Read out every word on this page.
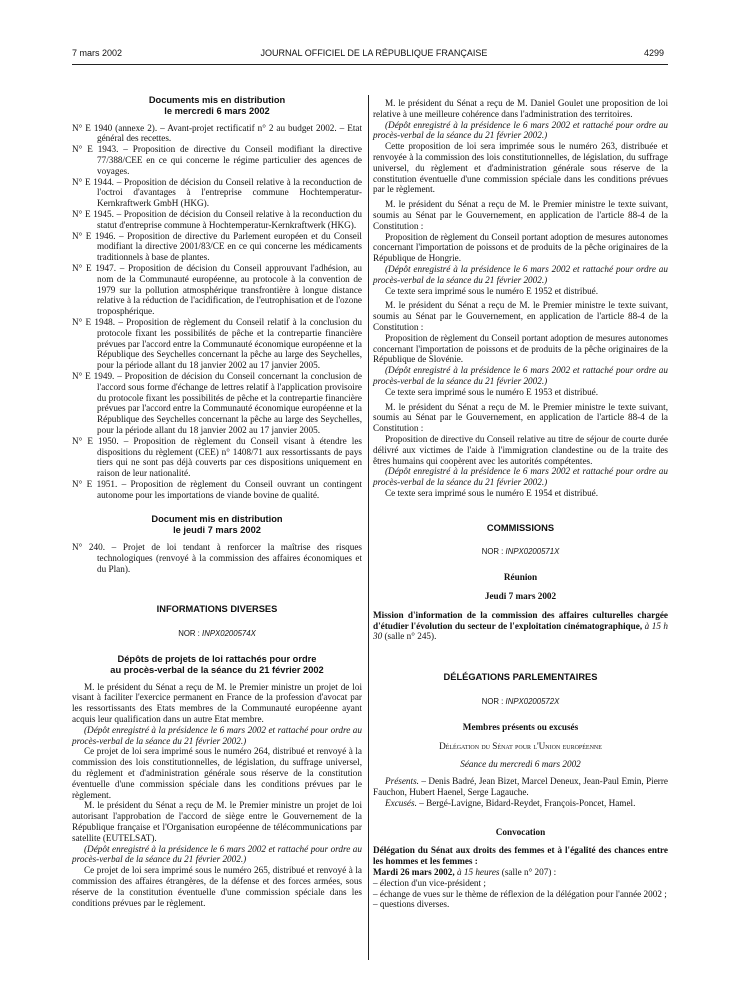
7 mars 2002	JOURNAL OFFICIEL DE LA RÉPUBLIQUE FRANÇAISE	4299
Documents mis en distribution
le mercredi 6 mars 2002

N° E 1940 (annexe 2). – Avant-projet rectificatif n° 2 au budget 2002. – Etat général des recettes.

N° E 1943. – Proposition de directive du Conseil modifiant la directive 77/388/CEE en ce qui concerne le régime particulier des agences de voyages.

N° E 1944. – Proposition de décision du Conseil relative à la reconduction de l'octroi d'avantages à l'entreprise commune Hochtemperatur-Kernkraftwerk GmbH (HKG).

N° E 1945. – Proposition de décision du Conseil relative à la reconduction du statut d'entreprise commune à Hochtemperatur-Kernkraftwerk (HKG).

N° E 1946. – Proposition de directive du Parlement européen et du Conseil modifiant la directive 2001/83/CE en ce qui concerne les médicaments traditionnels à base de plantes.

N° E 1947. – Proposition de décision du Conseil approuvant l'adhésion, au nom de la Communauté européenne, au protocole à la convention de 1979 sur la pollution atmosphérique transfrontière à longue distance relative à la réduction de l'acidification, de l'eutrophisation et de l'ozone troposphérique.

N° E 1948. – Proposition de règlement du Conseil relatif à la conclusion du protocole fixant les possibilités de pêche et la contrepartie financière prévues par l'accord entre la Communauté économique européenne et la République des Seychelles concernant la pêche au large des Seychelles, pour la période allant du 18 janvier 2002 au 17 janvier 2005.

N° E 1949. – Proposition de décision du Conseil concernant la conclusion de l'accord sous forme d'échange de lettres relatif à l'application provisoire du protocole fixant les possibilités de pêche et la contrepartie financière prévues par l'accord entre la Communauté économique européenne et la République des Seychelles concernant la pêche au large des Seychelles, pour la période allant du 18 janvier 2002 au 17 janvier 2005.

N° E 1950. – Proposition de règlement du Conseil visant à étendre les dispositions du règlement (CEE) n° 1408/71 aux ressortissants de pays tiers qui ne sont pas déjà couverts par ces dispositions uniquement en raison de leur nationalité.

N° E 1951. – Proposition de règlement du Conseil ouvrant un contingent autonome pour les importations de viande bovine de qualité.

Document mis en distribution
le jeudi 7 mars 2002

N° 240. – Projet de loi tendant à renforcer la maîtrise des risques technologiques (renvoyé à la commission des affaires économiques et du Plan).

INFORMATIONS DIVERSES
NOR : INPX0200574X
Dépôts de projets de loi rattachés pour ordre
au procès-verbal de la séance du 21 février 2002

M. le président du Sénat a reçu de M. le Premier ministre un projet de loi visant à faciliter l'exercice permanent en France de la profession d'avocat par les ressortissants des Etats membres de la Communauté européenne ayant acquis leur qualification dans un autre Etat membre.

(Dépôt enregistré à la présidence le 6 mars 2002 et rattaché pour ordre au procès-verbal de la séance du 21 février 2002.)

Ce projet de loi sera imprimé sous le numéro 264, distribué et renvoyé à la commission des lois constitutionnelles, de législation, du suffrage universel, du règlement et d'administration générale sous réserve de la constitution éventuelle d'une commission spéciale dans les conditions prévues par le règlement.

M. le président du Sénat a reçu de M. le Premier ministre un projet de loi autorisant l'approbation de l'accord de siège entre le Gouvernement de la République française et l'Organisation européenne de télécommunications par satellite (EUTELSAT).

(Dépôt enregistré à la présidence le 6 mars 2002 et rattaché pour ordre au procès-verbal de la séance du 21 février 2002.)

Ce projet de loi sera imprimé sous le numéro 265, distribué et renvoyé à la commission des affaires étrangères, de la défense et des forces armées, sous réserve de la constitution éventuelle d'une commission spéciale dans les conditions prévues par le règlement.

M. le président du Sénat a reçu de M. Daniel Goulet une proposition de loi relative à une meilleure cohérence dans l'administration des territoires.

(Dépôt enregistré à la présidence le 6 mars 2002 et rattaché pour ordre au procès-verbal de la séance du 21 février 2002.)

Cette proposition de loi sera imprimée sous le numéro 263, distribuée et renvoyée à la commission des lois constitutionnelles, de législation, du suffrage universel, du règlement et d'administration générale sous réserve de la constitution éventuelle d'une commission spéciale dans les conditions prévues par le règlement.

M. le président du Sénat a reçu de M. le Premier ministre le texte suivant, soumis au Sénat par le Gouvernement, en application de l'article 88-4 de la Constitution :

Proposition de règlement du Conseil portant adoption de mesures autonomes concernant l'importation de poissons et de produits de la pêche originaires de la République de Hongrie.

(Dépôt enregistré à la présidence le 6 mars 2002 et rattaché pour ordre au procès-verbal de la séance du 21 février 2002.)

Ce texte sera imprimé sous le numéro E 1952 et distribué.

M. le président du Sénat a reçu de M. le Premier ministre le texte suivant, soumis au Sénat par le Gouvernement, en application de l'article 88-4 de la Constitution :

Proposition de règlement du Conseil portant adoption de mesures autonomes concernant l'importation de poissons et de produits de la pêche originaires de la République de Slovénie.

(Dépôt enregistré à la présidence le 6 mars 2002 et rattaché pour ordre au procès-verbal de la séance du 21 février 2002.)

Ce texte sera imprimé sous le numéro E 1953 et distribué.

M. le président du Sénat a reçu de M. le Premier ministre le texte suivant, soumis au Sénat par le Gouvernement, en application de l'article 88-4 de la Constitution :

Proposition de directive du Conseil relative au titre de séjour de courte durée délivré aux victimes de l'aide à l'immigration clandestine ou de la traite des êtres humains qui coopèrent avec les autorités compétentes.

(Dépôt enregistré à la présidence le 6 mars 2002 et rattaché pour ordre au procès-verbal de la séance du 21 février 2002.)

Ce texte sera imprimé sous le numéro E 1954 et distribué.

COMMISSIONS
NOR : INPX0200571X
Réunion
Jeudi 7 mars 2002

Mission d'information de la commission des affaires culturelles chargée d'étudier l'évolution du secteur de l'exploitation cinématographique, à 15 h 30 (salle n° 245).

DÉLÉGATIONS PARLEMENTAIRES
NOR : INPX0200572X
Membres présents ou excusés
Délégation du Sénat pour l'Union européenne
Séance du mercredi 6 mars 2002

Présents. – Denis Badré, Jean Bizet, Marcel Deneux, Jean-Paul Emin, Pierre Fauchon, Hubert Haenel, Serge Lagauche.

Excusés. – Bergé-Lavigne, Bidard-Reydet, François-Poncet, Hamel.

Convocation

Délégation du Sénat aux droits des femmes et à l'égalité des chances entre les hommes et les femmes :

Mardi 26 mars 2002, à 15 heures (salle n° 207) :

– élection d'un vice-président ;

– échange de vues sur le thème de réflexion de la délégation pour l'année 2002 ;

– questions diverses.
